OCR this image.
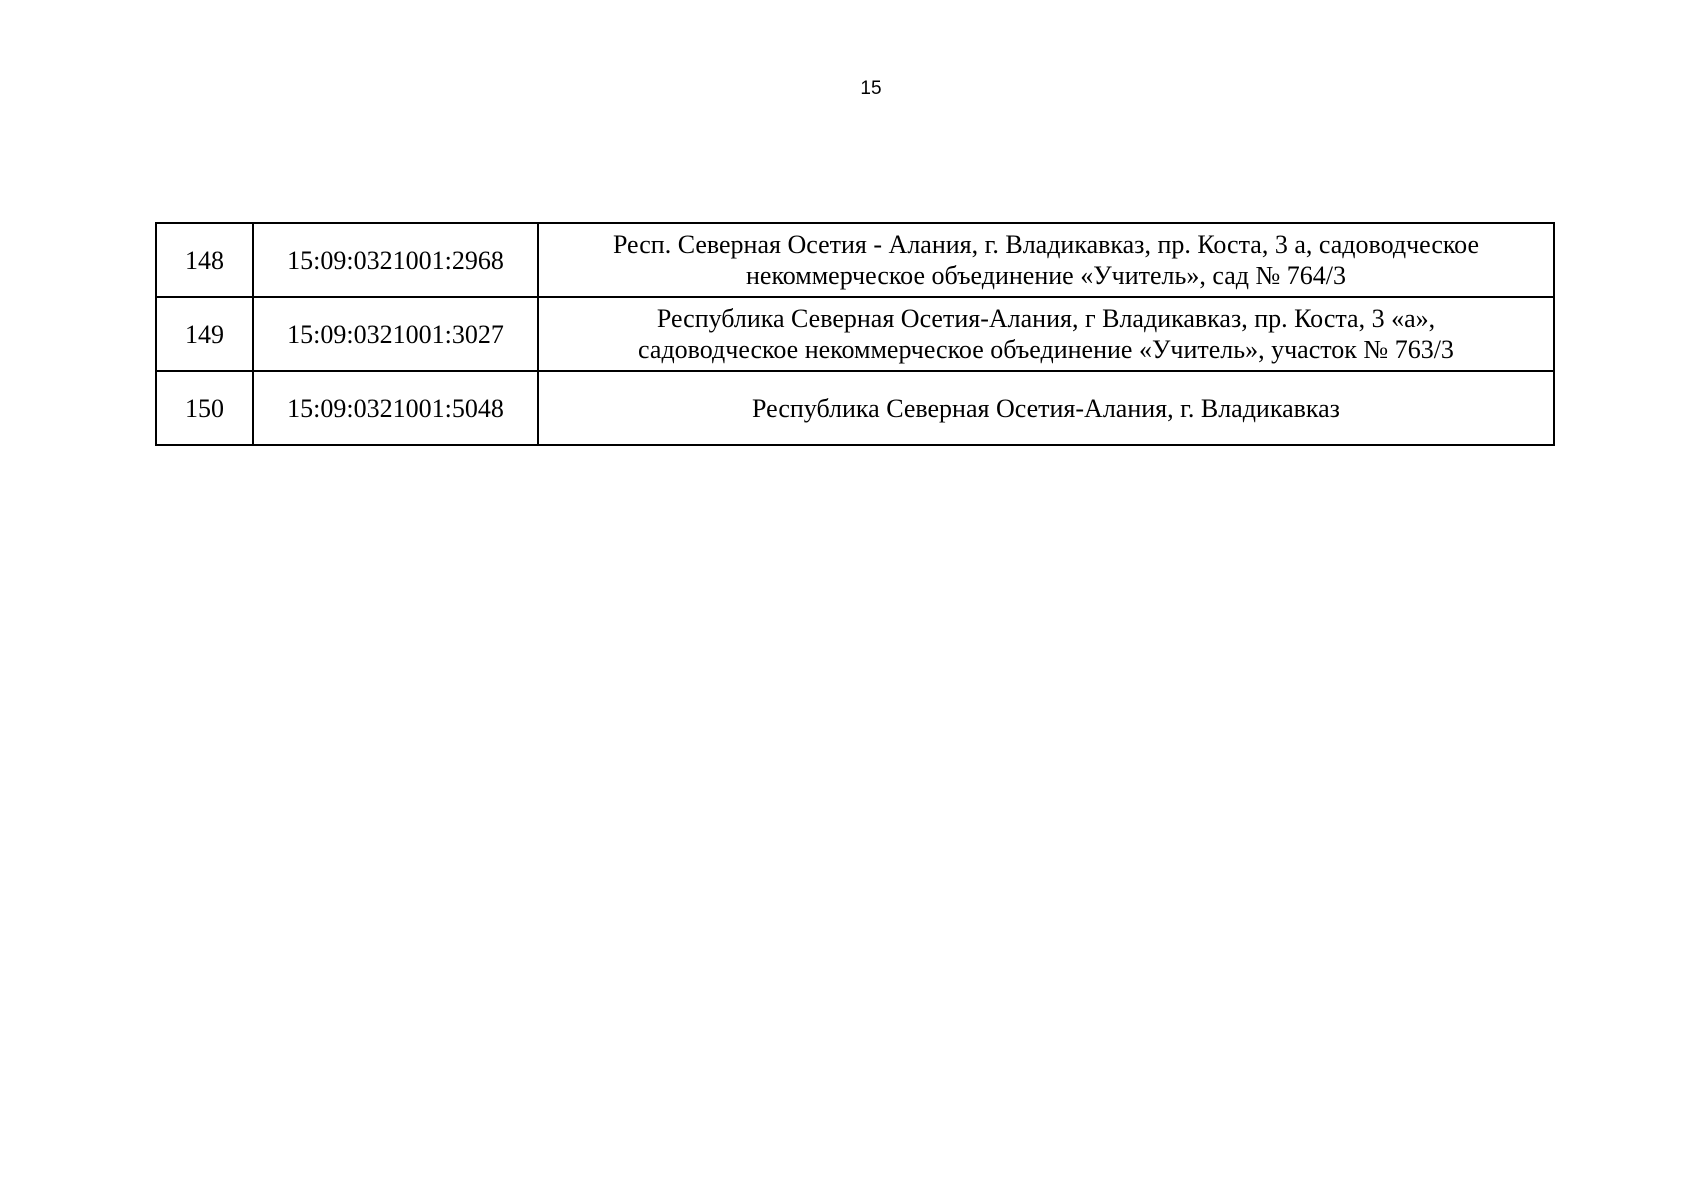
15
148	15:09:0321001:2968	Респ. Северная Осетия - Алания, г. Владикавказ, пр. Коста, 3 а, садоводческое
некоммерческое объединение «Учитель», сад № 764/3

149	15:09:0321001:3027	Республика Северная Осетия-Алания, г Владикавказ, пр. Коста, 3 «а»,
садоводческое некоммерческое объединение «Учитель», участок № 763/3

150	15:09:0321001:5048	Республика Северная Осетия-Алания, г. Владикавказ
